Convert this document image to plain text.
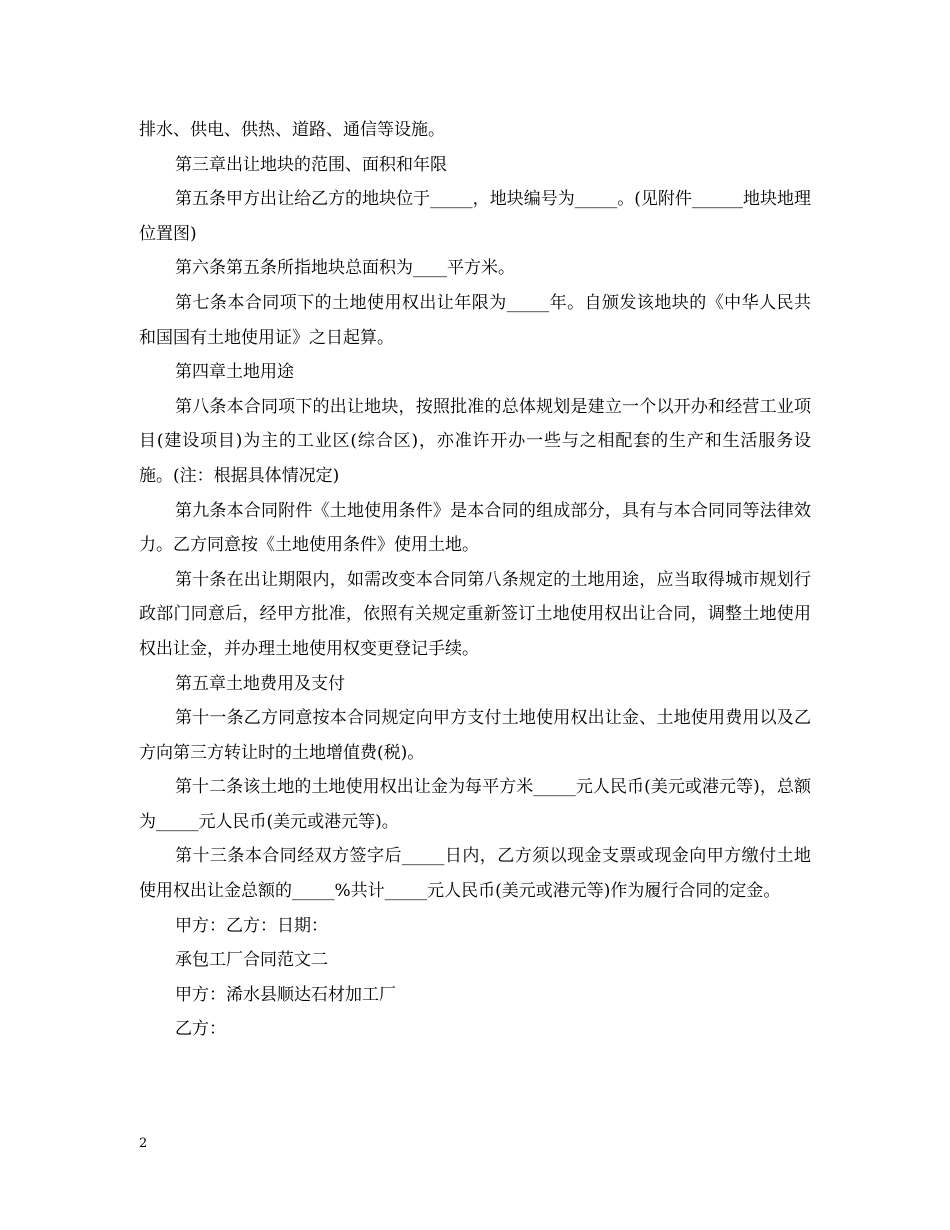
排水、供电、供热、道路、通信等设施。

第三章出让地块的范围、面积和年限

第五条甲方出让给乙方的地块位于_____，地块编号为_____。(见附件______地块地理位置图)

第六条第五条所指地块总面积为____平方米。

第七条本合同项下的土地使用权出让年限为_____年。自颁发该地块的《中华人民共和国国有土地使用证》之日起算。

第四章土地用途

第八条本合同项下的出让地块，按照批准的总体规划是建立一个以开办和经营工业项目(建设项目)为主的工业区(综合区)，亦准许开办一些与之相配套的生产和生活服务设施。(注：根据具体情况定)

第九条本合同附件《土地使用条件》是本合同的组成部分，具有与本合同同等法律效力。乙方同意按《土地使用条件》使用土地。

第十条在出让期限内，如需改变本合同第八条规定的土地用途，应当取得城市规划行政部门同意后，经甲方批准，依照有关规定重新签订土地使用权出让合同，调整土地使用权出让金，并办理土地使用权变更登记手续。

第五章土地费用及支付

第十一条乙方同意按本合同规定向甲方支付土地使用权出让金、土地使用费用以及乙方向第三方转让时的土地增值费(税)。

第十二条该土地的土地使用权出让金为每平方米_____元人民币(美元或港元等)，总额为_____元人民币(美元或港元等)。

第十三条本合同经双方签字后_____日内，乙方须以现金支票或现金向甲方缴付土地使用权出让金总额的_____%共计_____元人民币(美元或港元等)作为履行合同的定金。

甲方：乙方：日期：

承包工厂合同范文二

甲方：浠水县顺达石材加工厂

乙方：

2
